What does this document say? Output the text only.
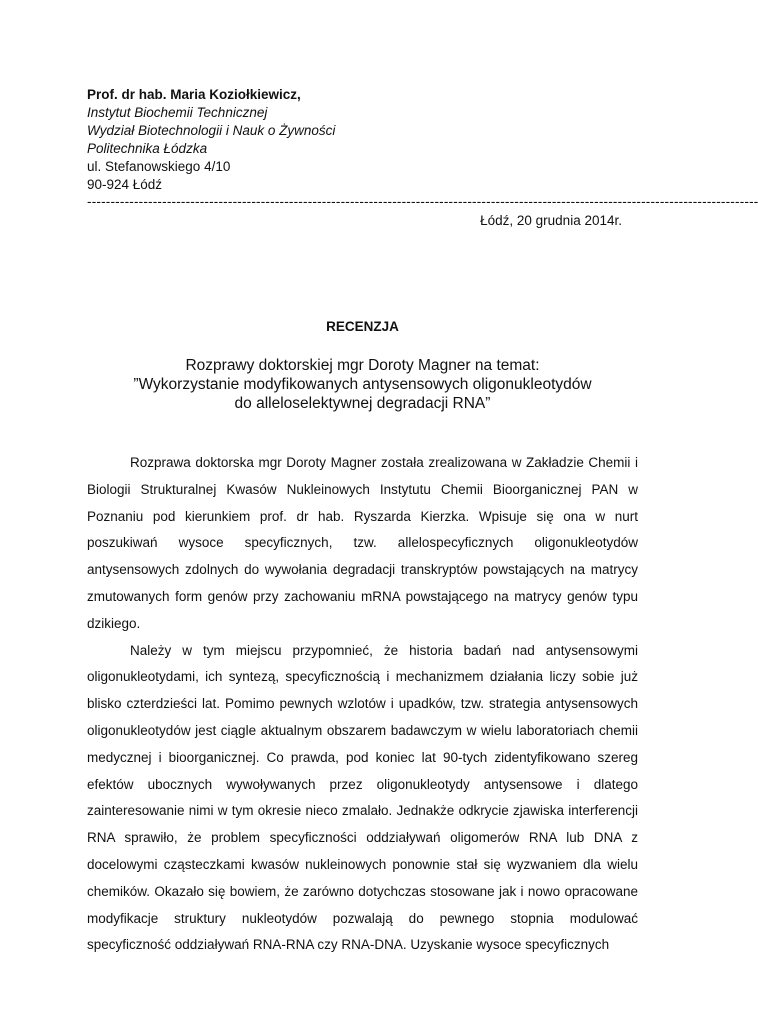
Prof. dr hab. Maria Koziołkiewicz,
Instytut Biochemii Technicznej
Wydział Biotechnologii i Nauk o Żywności
Politechnika Łódzka
ul. Stefanowskiego 4/10
90-924 Łódź
-----------------------------------------------------------------------------------------------------------------------------------------------
Łódź, 20 grudnia 2014r.
RECENZJA
Rozprawy doktorskiej mgr Doroty Magner na temat:
”Wykorzystanie modyfikowanych antysensowych oligonukleotydów
do alleloselektywnej degradacji RNA”

Rozprawa doktorska mgr Doroty Magner została zrealizowana w Zakładzie Chemii i Biologii Strukturalnej Kwasów Nukleinowych Instytutu Chemii Bioorganicznej PAN w Poznaniu pod kierunkiem prof. dr hab. Ryszarda Kierzka. Wpisuje się ona w nurt poszukiwań wysoce specyficznych, tzw. allelospecyficznych oligonukleotydów antysensowych zdolnych do wywołania degradacji transkryptów powstających na matrycy zmutowanych form genów przy zachowaniu mRNA powstającego na matrycy genów typu dzikiego.

Należy w tym miejscu przypomnieć, że historia badań nad antysensowymi oligonukleotydami, ich syntezą, specyficznością i mechanizmem działania liczy sobie już blisko czterdzieści lat. Pomimo pewnych wzlotów i upadków, tzw. strategia antysensowych oligonukleotydów jest ciągle aktualnym obszarem badawczym w wielu laboratoriach chemii medycznej i bioorganicznej. Co prawda, pod koniec lat 90-tych zidentyfikowano szereg efektów ubocznych wywoływanych przez oligonukleotydy antysensowe i dlatego zainteresowanie nimi w tym okresie nieco zmalało. Jednakże odkrycie zjawiska interferencji RNA sprawiło, że problem specyficzności oddziaływań oligomerów RNA lub DNA z docelowymi cząsteczkami kwasów nukleinowych ponownie stał się wyzwaniem dla wielu chemików. Okazało się bowiem, że zarówno dotychczas stosowane jak i nowo opracowane modyfikacje struktury nukleotydów pozwalają do pewnego stopnia modulować specyficzność oddziaływań RNA-RNA czy RNA-DNA. Uzyskanie wysoce specyficznych
